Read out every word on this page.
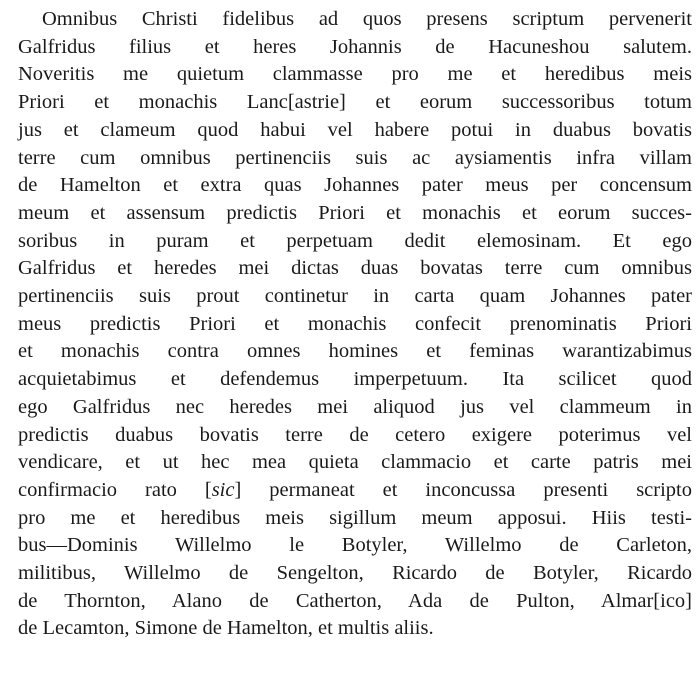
Omnibus Christi fidelibus ad quos presens scriptum pervenerit
Galfridus filius et heres Johannis de Hacuneshou salutem.
Noveritis me quietum clammasse pro me et heredibus meis
Priori et monachis Lanc[astrie] et eorum successoribus totum
jus et clameum quod habui vel habere potui in duabus bovatis
terre cum omnibus pertinenciis suis ac aysiamentis infra villam
de Hamelton et extra quas Johannes pater meus per concensum
meum et assensum predictis Priori et monachis et eorum succes-
soribus in puram et perpetuam dedit elemosinam. Et ego
Galfridus et heredes mei dictas duas bovatas terre cum omnibus
pertinenciis suis prout continetur in carta quam Johannes pater
meus predictis Priori et monachis confecit prenominatis Priori
et monachis contra omnes homines et feminas warantizabimus
acquietabimus et defendemus imperpetuum. Ita scilicet quod
ego Galfridus nec heredes mei aliquod jus vel clammeum in
predictis duabus bovatis terre de cetero exigere poterimus vel
vendicare, et ut hec mea quieta clammacio et carte patris mei
confirmacio rato [sic] permaneat et inconcussa presenti scripto
pro me et heredibus meis sigillum meum apposui. Hiis testi-
bus—Dominis Willelmo le Botyler, Willelmo de Carleton,
militibus, Willelmo de Sengelton, Ricardo de Botyler, Ricardo
de Thornton, Alano de Catherton, Ada de Pulton, Almar[ico]
de Lecamton, Simone de Hamelton, et multis aliis.
